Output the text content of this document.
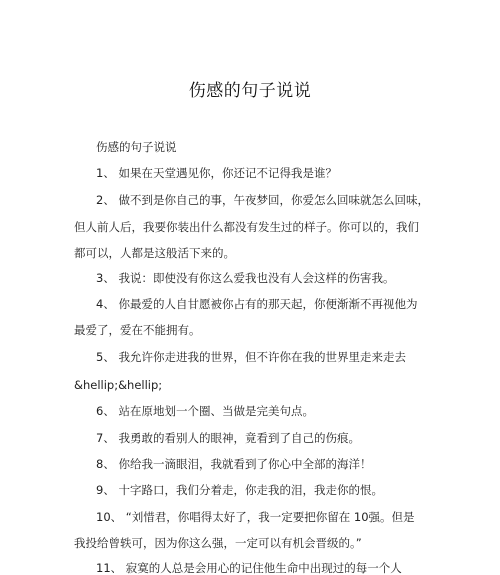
伤感的句子说说
伤感的句子说说
1、 如果在天堂遇见你，你还记不记得我是谁？
2、 做不到是你自己的事，午夜梦回，你爱怎么回味就怎么回味，
但人前人后，我要你装出什么都没有发生过的样子。你可以的，我们
都可以，人都是这般活下来的。
3、 我说：即使没有你这么爱我也没有人会这样的伤害我。
4、 你最爱的人自甘愿被你占有的那天起，你便渐渐不再视他为
最爱了，爱在不能拥有。
5、 我允许你走进我的世界，但不许你在我的世界里走来走去
&hellip;&hellip;
6、 站在原地划一个圈、当做是完美句点。
7、 我勇敢的看别人的眼神，竟看到了自己的伤痕。
8、 你给我一滴眼泪，我就看到了你心中全部的海洋！
9、 十字路口，我们分着走，你走我的泪，我走你的恨。
10、 “刘惜君，你唱得太好了，我一定要把你留在 10强。但是
我投给曾轶可，因为你这么强，一定可以有机会晋级的。”
11、 寂寞的人总是会用心的记住他生命中出现过的每一个人
